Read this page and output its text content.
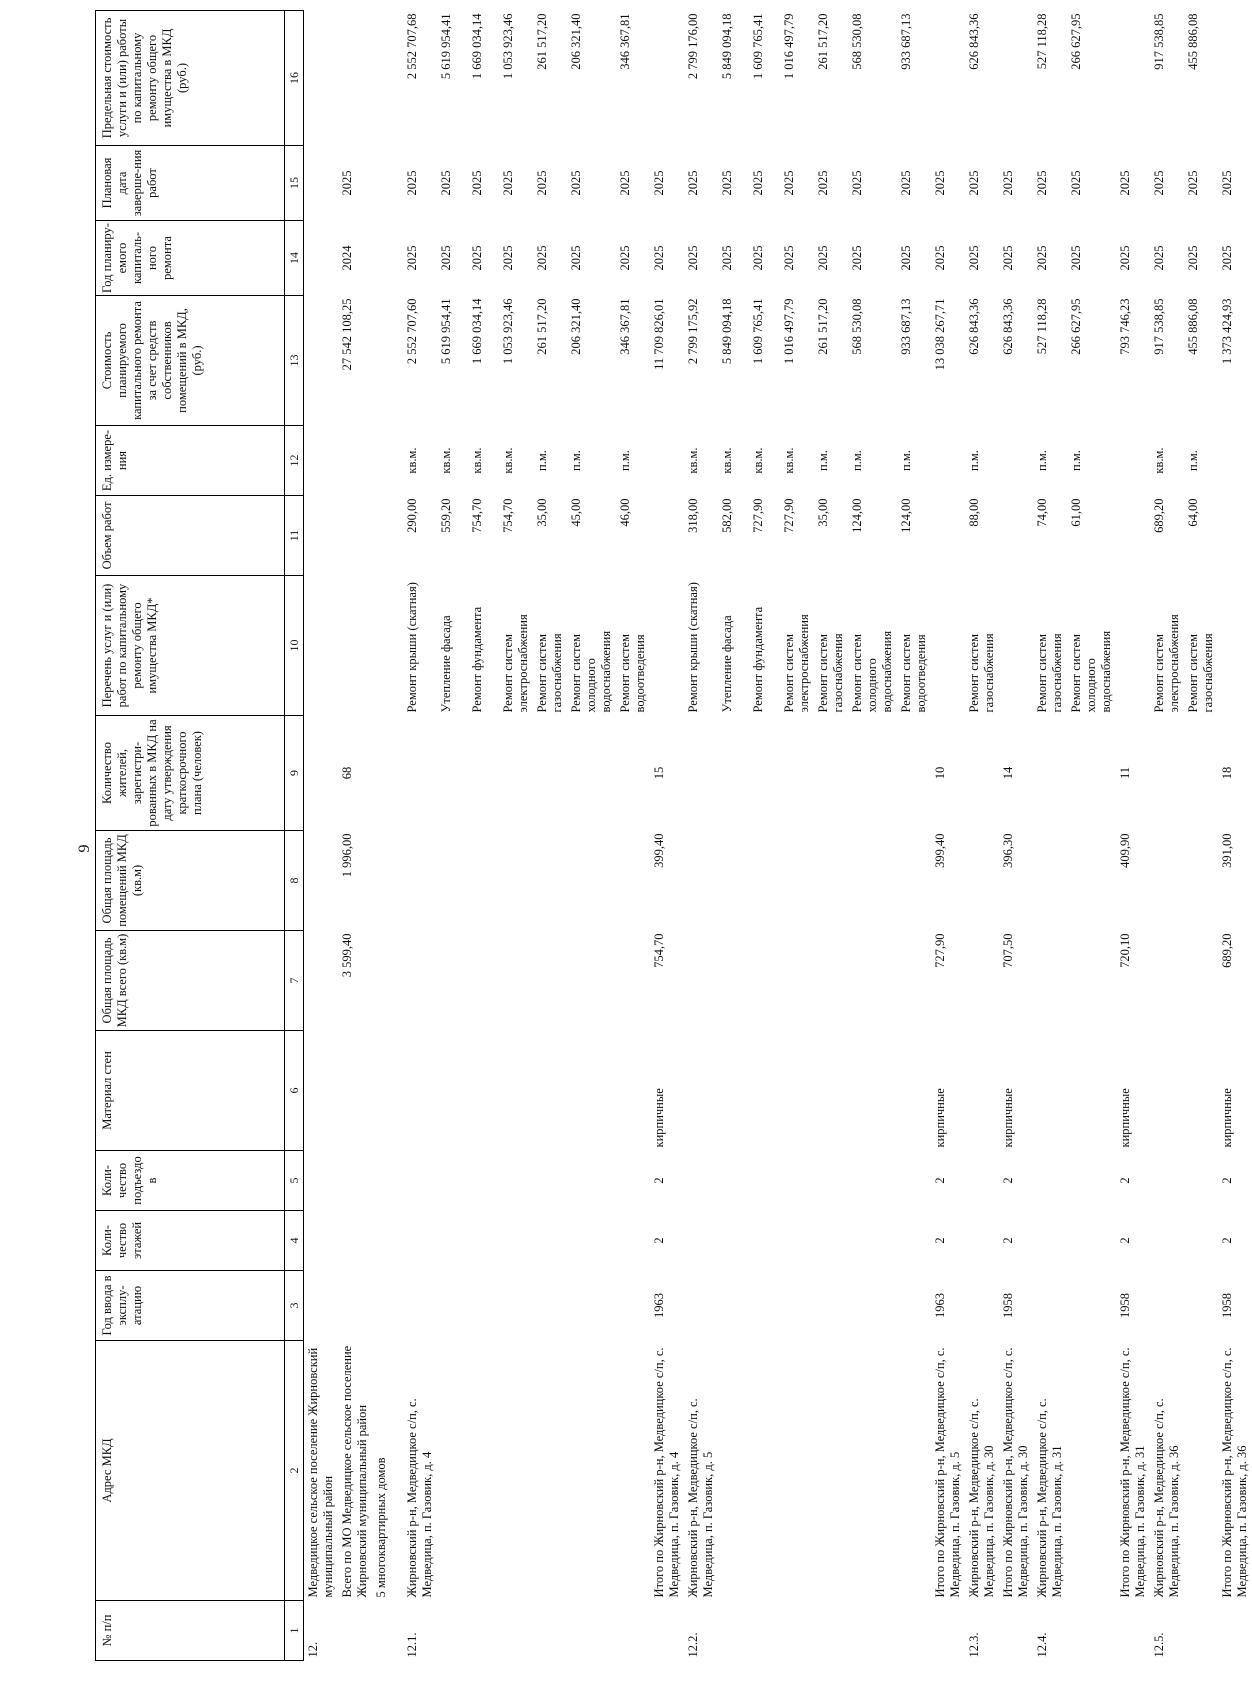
9
№ п/п	Адрес МКД	Год ввода в эксплу-атацию	Коли-чество этажей	Коли-чество подъездо в	Материал стен	Общая площадь МКД всего (кв.м)	Общая площадь помещений МКД (кв.м)	Количество жителей, зарегистри-рованных в МКД на дату утверждения краткосрочного плана (человек)	Перечень услуг и (или) работ по капитальному ремонту общего имущества МКД*	Объем работ	Ед. измере-ния	Стоимость планируемого капитального ремонта за счет средств собственников помещений в МКД, (руб.)	Год планиру-емого капиталь-ного ремонта	Плановая дата заверше-ния работ	Предельная стоимость услуги и (или) работы по капитальному ремонту общего имущества в МКД (руб.)
1	2	3	4	5	6	7	8	9	10	11	12	13	14	15	16
12.	Медведицкое сельское поселение Жирновский муниципальный район														
	Всего по МО Медведицкое сельское поселение Жирновский муниципальный район					3 599,40	1 996,00	68				27 542 108,25	2024	2025	
	5 многоквартирных домов														
12.1.	Жирновский р-н, Медведицкое с/п, с. Медведица, п. Газовик, д. 4								Ремонт крыши (скатная)	290,00	кв.м.	2 552 707,60	2025	2025	2 552 707,68
									Утепление фасада	559,20	кв.м.	5 619 954,41	2025	2025	5 619 954,41
									Ремонт фундамента	754,70	кв.м.	1 669 034,14	2025	2025	1 669 034,14
									Ремонт систем электроснабжения	754,70	кв.м.	1 053 923,46	2025	2025	1 053 923,46
									Ремонт систем газоснабжения	35,00	п.м.	261 517,20	2025	2025	261 517,20
									Ремонт систем холодного водоснабжения	45,00	п.м.	206 321,40	2025	2025	206 321,40
									Ремонт систем водоотведения	46,00	п.м.	346 367,81	2025	2025	346 367,81
	Итого по Жирновский р-н, Медведицкое с/п, с. Медведица, п. Газовик, д. 4	1963	2	2	кирпичные	754,70	399,40	15				11 709 826,01	2025	2025	
12.2.	Жирновский р-н, Медведицкое с/п, с. Медведица, п. Газовик, д. 5								Ремонт крыши (скатная)	318,00	кв.м.	2 799 175,92	2025	2025	2 799 176,00
									Утепление фасада	582,00	кв.м.	5 849 094,18	2025	2025	5 849 094,18
									Ремонт фундамента	727,90	кв.м.	1 609 765,41	2025	2025	1 609 765,41
									Ремонт систем электроснабжения	727,90	кв.м.	1 016 497,79	2025	2025	1 016 497,79
									Ремонт систем газоснабжения	35,00	п.м.	261 517,20	2025	2025	261 517,20
									Ремонт систем холодного водоснабжения	124,00	п.м.	568 530,08	2025	2025	568 530,08
									Ремонт систем водоотведения	124,00	п.м.	933 687,13	2025	2025	933 687,13
	Итого по Жирновский р-н, Медведицкое с/п, с. Медведица, п. Газовик, д. 5	1963	2	2	кирпичные	727,90	399,40	10				13 038 267,71	2025	2025	
12.3.	Жирновский р-н, Медведицкое с/п, с. Медведица, п. Газовик, д. 30								Ремонт систем газоснабжения	88,00	п.м.	626 843,36	2025	2025	626 843,36
	Итого по Жирновский р-н, Медведицкое с/п, с. Медведица, п. Газовик, д. 30	1958	2	2	кирпичные	707,50	396,30	14				626 843,36	2025	2025	
12.4.	Жирновский р-н, Медведицкое с/п, с. Медведица, п. Газовик, д. 31								Ремонт систем газоснабжения	74,00	п.м.	527 118,28	2025	2025	527 118,28
									Ремонт систем холодного водоснабжения	61,00	п.м.	266 627,95	2025	2025	266 627,95
	Итого по Жирновский р-н, Медведицкое с/п, с. Медведица, п. Газовик, д. 31	1958	2	2	кирпичные	720,10	409,90	11				793 746,23	2025	2025	
12.5.	Жирновский р-н, Медведицкое с/п, с. Медведица, п. Газовик, д. 36								Ремонт систем электроснабжения	689,20	кв.м.	917 538,85	2025	2025	917 538,85
									Ремонт систем газоснабжения	64,00	п.м.	455 886,08	2025	2025	455 886,08
	Итого по Жирновский р-н, Медведицкое с/п, с. Медведица, п. Газовик, д. 36	1958	2	2	кирпичные	689,20	391,00	18				1 373 424,93	2025	2025	
